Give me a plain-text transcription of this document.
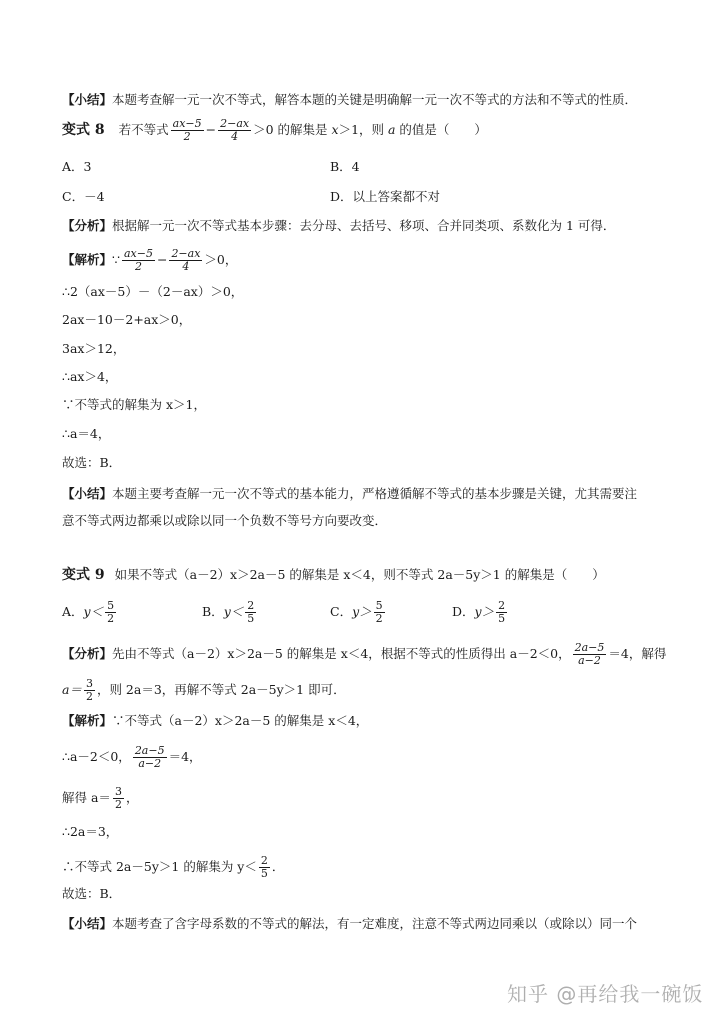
【小结】本题考查解一元一次不等式，解答本题的关键是明确解一元一次不等式的方法和不等式的性质．
变式 8 若不等式 $\frac{ax-5}{2} - \frac{2-ax}{4} >0$ 的解集是 x＞1，则 a 的值是（　　）
A．3	B．4
C．－4	D．以上答案都不对
【分析】根据解一元一次不等式基本步骤：去分母、去括号、移项、合并同类项、系数化为 1 可得．
【解析】∵ $\frac{ax-5}{2} - \frac{2-ax}{4} >0$，
∴2（ax－5）－（2－ax）＞0，
2ax－10－2+ax＞0，
3ax＞12，
∴ax＞4，
∵不等式的解集为 x＞1，
∴a＝4，
故选：B．
【小结】本题主要考查解一元一次不等式的基本能力，严格遵循解不等式的基本步骤是关键，尤其需要注
意不等式两边都乘以或除以同一个负数不等号方向要改变．
变式 9 如果不等式（a－2）x＞2a－5 的解集是 x＜4，则不等式 2a－5y＞1 的解集是（　　）
A．$y< \frac{5}{2}$	B．$y< \frac{2}{5}$	C．$y> \frac{5}{2}$	D．$y> \frac{2}{5}$
【分析】先由不等式（a－2）x＞2a－5 的解集是 x＜4，根据不等式的性质得出 a－2＜0， $\frac{2a-5}{a-2} =4$，解得
$a= \frac{3}{2}$ ，则 2a＝3，再解不等式 2a－5y＞1 即可．
【解析】∵不等式（a－2）x＞2a－5 的解集是 x＜4，
∴a－2＜0， $\frac{2a-5}{a-2} =4$，
解得 $a= \frac{3}{2}$ ，
∴2a＝3，
∴不等式 2a－5y＞1 的解集为 $y< \frac{2}{5}$ ．
故选：B．
【小结】本题考查了含字母系数的不等式的解法，有一定难度，注意不等式两边同乘以（或除以）同一个
知乎 @再给我一碗饭
